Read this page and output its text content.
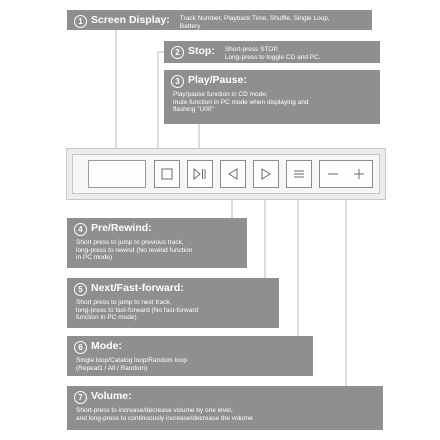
1 Screen Display: Track Number, Playback Time, Shuffle, Single Loop,
Battery
2 Stop: Short-press STOP,
Long-press to toggle CD and PC.
3 Play/Pause:
Play/pause function in CD mode;
mute function in PC mode when displaying and
flashing "U00"
4 Pre/Rewind:
Short press to jump to previous track,
long-press to rewind (No rewind function
in PC mode)
5 Next/Fast-forward:
Short press to jump to next track,
long-press to fast-forward (No fast-forward
function in PC mode)
6 Mode:
Single loop/Catalog loop/Random loop
(Repeat1 / All / Random)
7 Volume:
Short-press to increase/decrease volume by one level,
and long-press to continuously increase/decrease the volume
